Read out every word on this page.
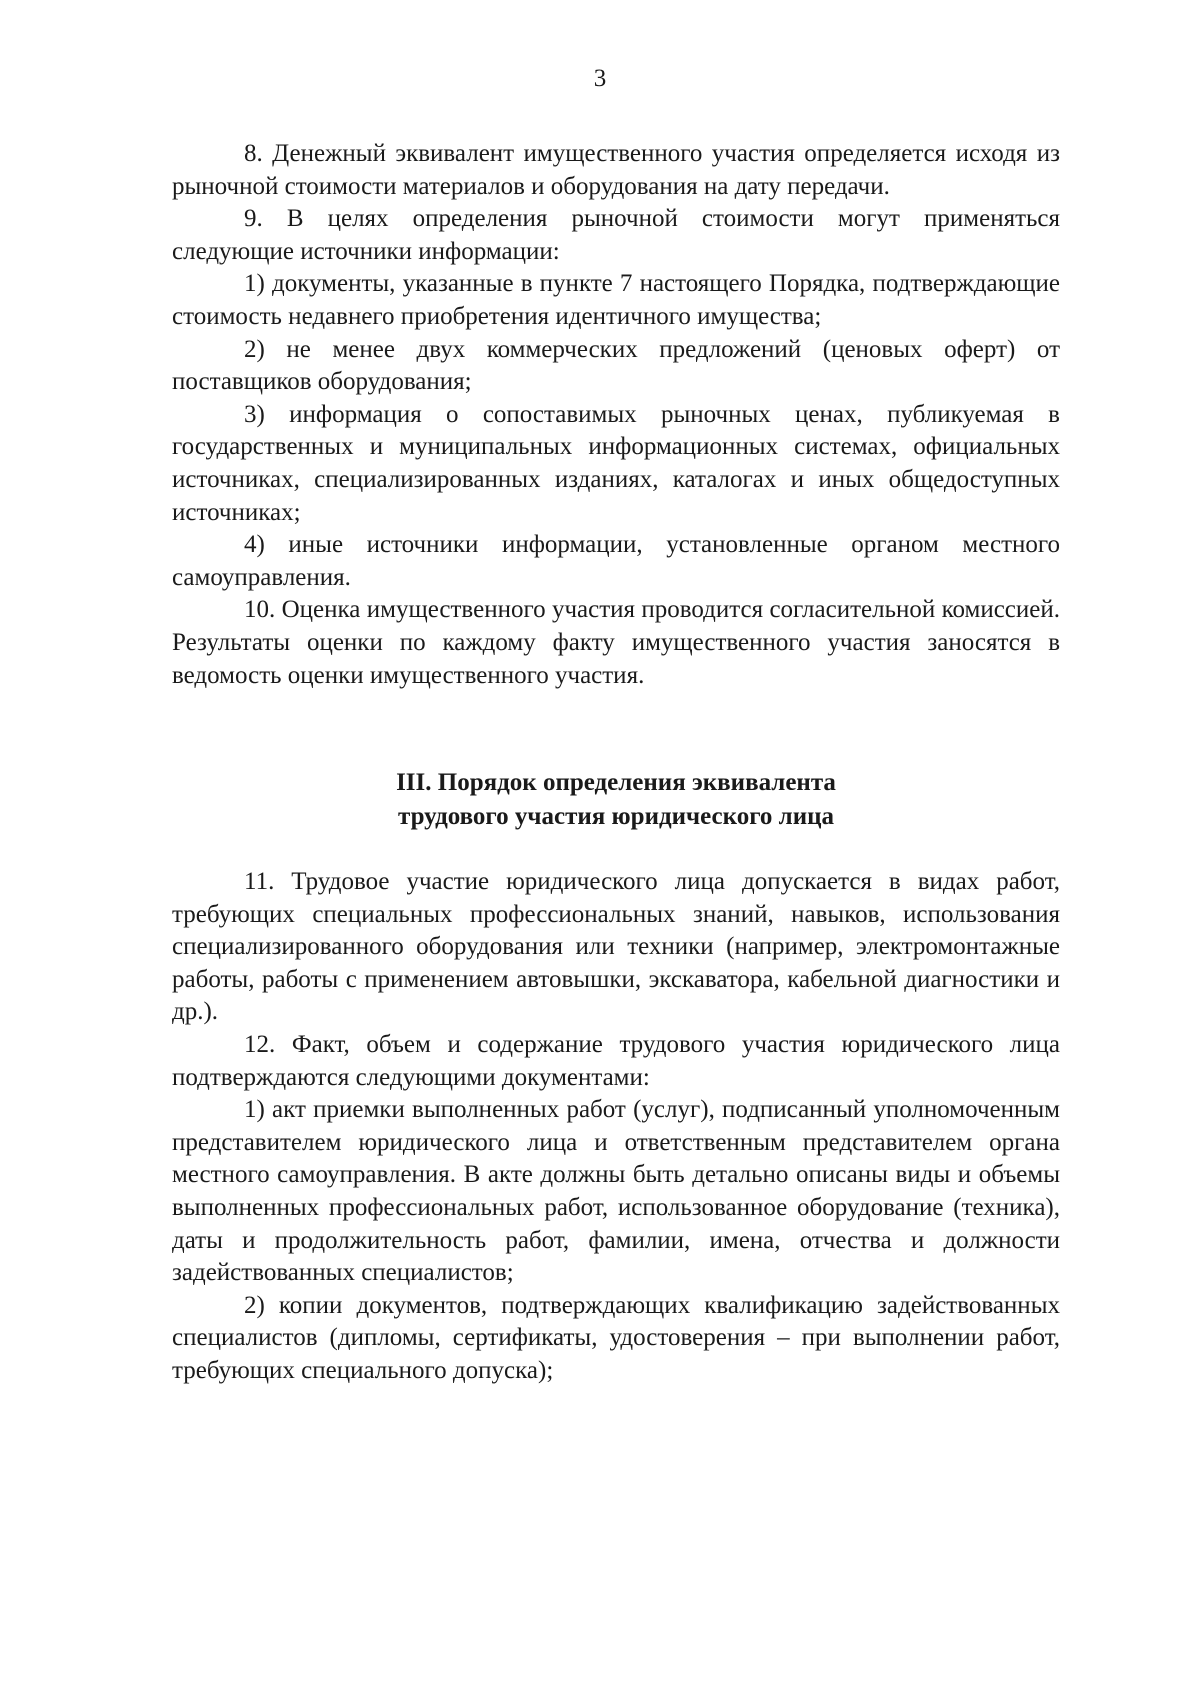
3

8. Денежный эквивалент имущественного участия определяется исходя из рыночной стоимости материалов и оборудования на дату передачи.

9. В целях определения рыночной стоимости могут применяться следующие источники информации:

1) документы, указанные в пункте 7 настоящего Порядка, подтверждающие стоимость недавнего приобретения идентичного имущества;

2) не менее двух коммерческих предложений (ценовых оферт) от поставщиков оборудования;

3) информация о сопоставимых рыночных ценах, публикуемая в государственных и муниципальных информационных системах, официальных источниках, специализированных изданиях, каталогах и иных общедоступных источниках;

4) иные источники информации, установленные органом местного самоуправления.

10. Оценка имущественного участия проводится согласительной комиссией. Результаты оценки по каждому факту имущественного участия заносятся в ведомость оценки имущественного участия.

III. Порядок определения эквивалента
трудового участия юридического лица

11. Трудовое участие юридического лица допускается в видах работ, требующих специальных профессиональных знаний, навыков, использования специализированного оборудования или техники (например, электромонтажные работы, работы с применением автовышки, экскаватора, кабельной диагностики и др.).

12. Факт, объем и содержание трудового участия юридического лица подтверждаются следующими документами:

1) акт приемки выполненных работ (услуг), подписанный уполномоченным представителем юридического лица и ответственным представителем органа местного самоуправления. В акте должны быть детально описаны виды и объемы выполненных профессиональных работ, использованное оборудование (техника), даты и продолжительность работ, фамилии, имена, отчества и должности задействованных специалистов;

2) копии документов, подтверждающих квалификацию задействованных специалистов (дипломы, сертификаты, удостоверения – при выполнении работ, требующих специального допуска);
